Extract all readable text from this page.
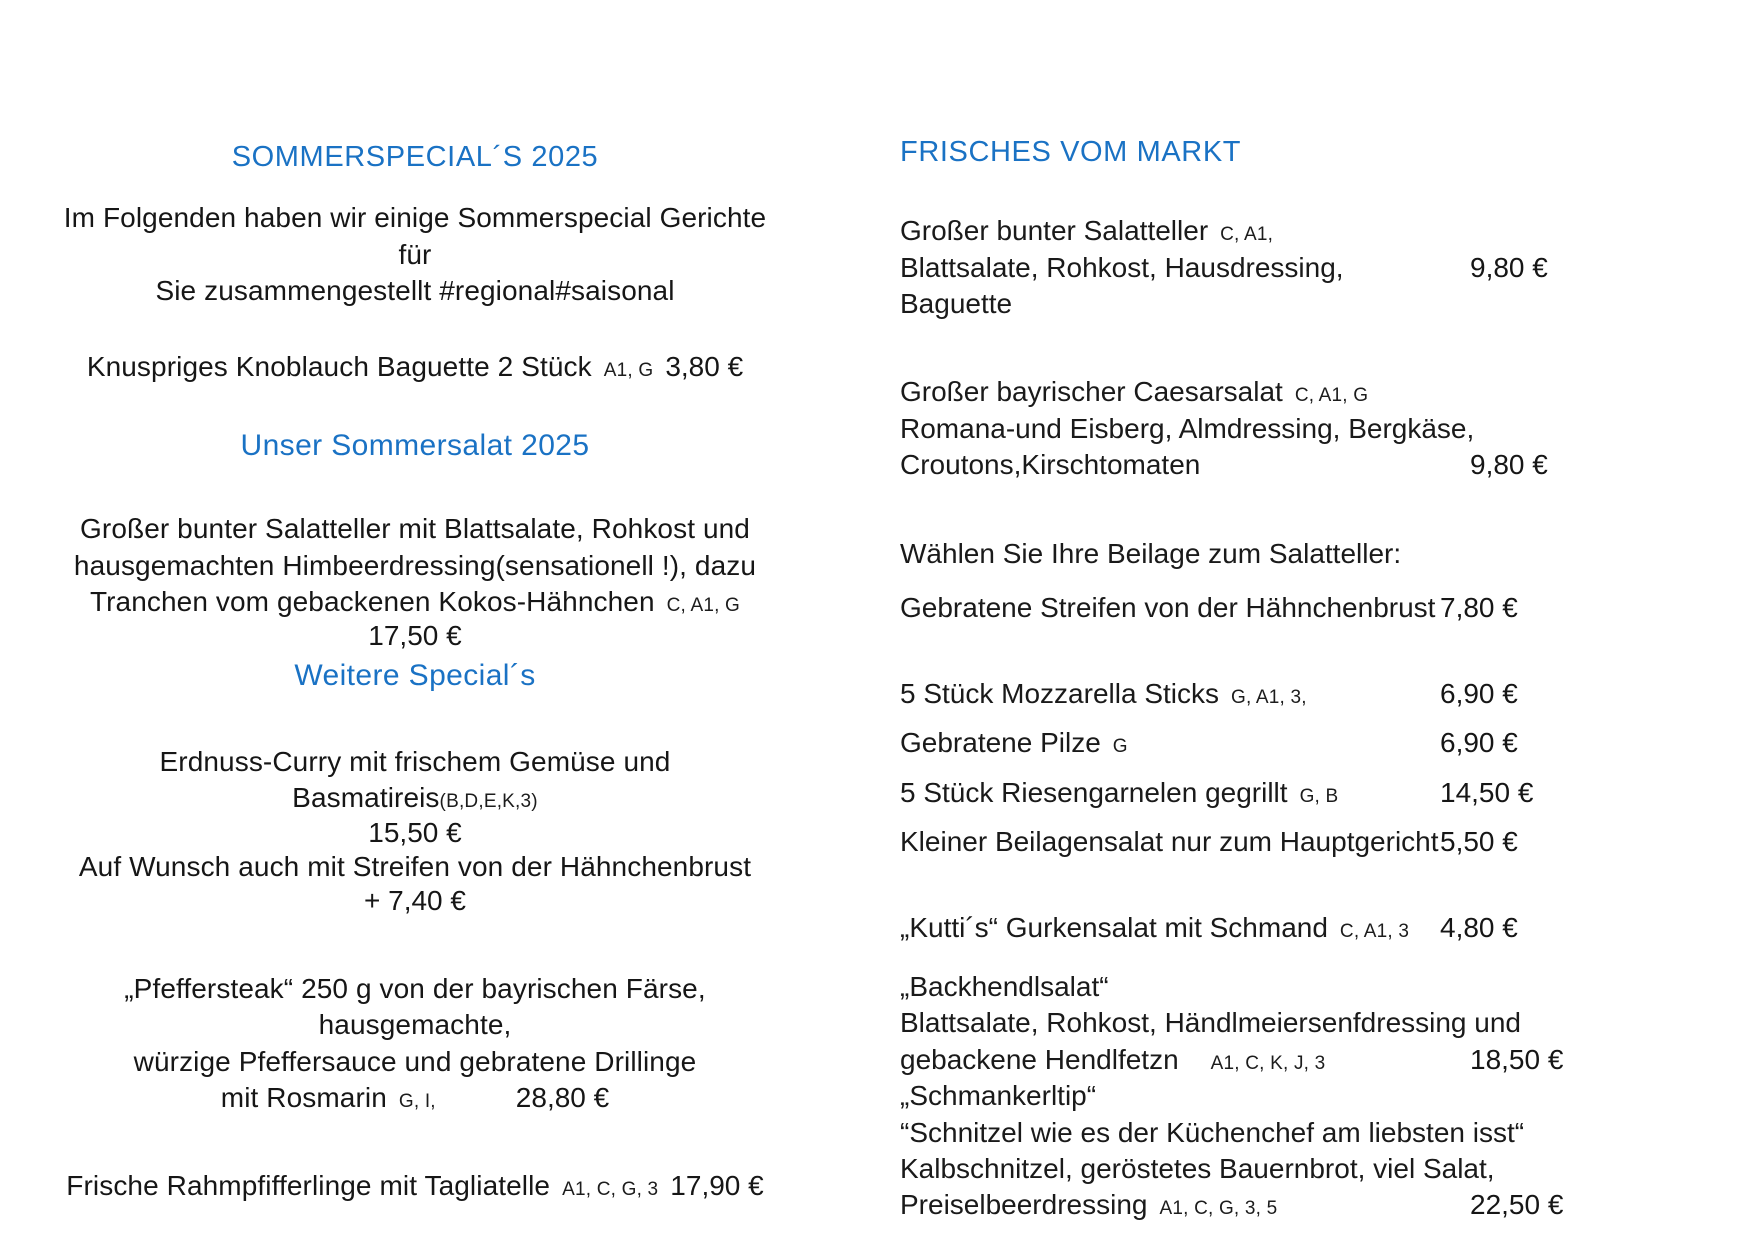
SOMMERSPECIAL´S 2025
Im Folgenden haben wir einige Sommerspecial Gerichte für
Sie zusammengestellt #regional#saisonal
Knuspriges Knoblauch Baguette 2 Stück A1, G 3,80 €
Unser Sommersalat 2025
Großer bunter Salatteller mit Blattsalate, Rohkost und
hausgemachten Himbeerdressing(sensationell !), dazu
Tranchen vom gebackenen Kokos-Hähnchen C, A1, G
17,50 €
Weitere Special´s
Erdnuss-Curry mit frischem Gemüse und Basmatireis(B,D,E,K,3)
15,50 €
Auf Wunsch auch mit Streifen von der Hähnchenbrust
+ 7,40 €
„Pfeffersteak“ 250 g von der bayrischen Färse, hausgemachte,
würzige Pfeffersauce und gebratene Drillinge
mit Rosmarin G, I,	28,80 €
Frische Rahmpfifferlinge mit Tagliatelle A1, C, G, 3 17,90 €
FRISCHES VOM MARKT
Großer bunter Salatteller C, A1,
Blattsalate, Rohkost, Hausdressing, Baguette
9,80 €
Großer bayrischer Caesarsalat C, A1, G
Romana-und Eisberg, Almdressing, Bergkäse,
Croutons,Kirschtomaten	9,80 €
Wählen Sie Ihre Beilage zum Salatteller:
Gebratene Streifen von der Hähnchenbrust 7,80 €
5 Stück Mozzarella Sticks G, A1, 3,	6,90 €
Gebratene Pilze G	6,90 €
5 Stück Riesengarnelen gegrillt G, B	14,50 €
Kleiner Beilagensalat nur zum Hauptgericht 5,50 €
„Kutti´s“ Gurkensalat mit Schmand C, A1, 3	4,80 €
„Backhendlsalat“
Blattsalate, Rohkost, Händlmeiersenfdressing und
gebackene Hendlfetzn A1, C, K, J, 3	18,50 €
„Schmankerltip“
“Schnitzel wie es der Küchenchef am liebsten isst“
Kalbschnitzel, geröstetes Bauernbrot, viel Salat,
Preiselbeerdressing A1, C, G, 3, 5	22,50 €
